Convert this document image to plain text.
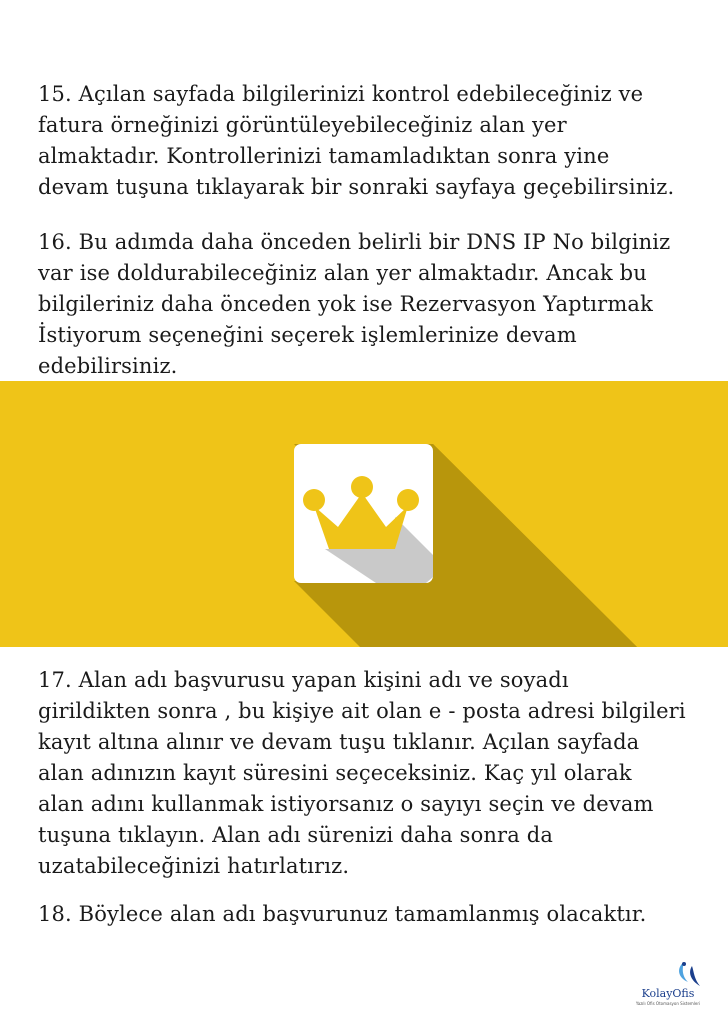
15. Açılan sayfada bilgilerinizi kontrol edebileceğiniz ve
fatura örneğinizi görüntüleyebileceğiniz alan yer
almaktadır. Kontrollerinizi tamamladıktan sonra yine
devam tuşuna tıklayarak bir sonraki sayfaya geçebilirsiniz.
16. Bu adımda daha önceden belirli bir DNS IP No bilginiz
var ise doldurabileceğiniz alan yer almaktadır. Ancak bu
bilgileriniz daha önceden yok ise Rezervasyon Yaptırmak
İstiyorum seçeneğini seçerek işlemlerinize devam
edebilirsiniz.
17. Alan adı başvurusu yapan kişini adı ve soyadı
girildikten sonra , bu kişiye ait olan e - posta adresi bilgileri
kayıt altına alınır ve devam tuşu tıklanır. Açılan sayfada
alan adınızın kayıt süresini seçeceksiniz. Kaç yıl olarak
alan adını kullanmak istiyorsanız o sayıyı seçin ve devam
tuşuna tıklayın. Alan adı sürenizi daha sonra da
uzatabileceğinizi hatırlatırız.
18. Böylece alan adı başvurunuz tamamlanmış olacaktır.
KolayOfis
Yazılı Ofis Otomasyon Sistemleri
